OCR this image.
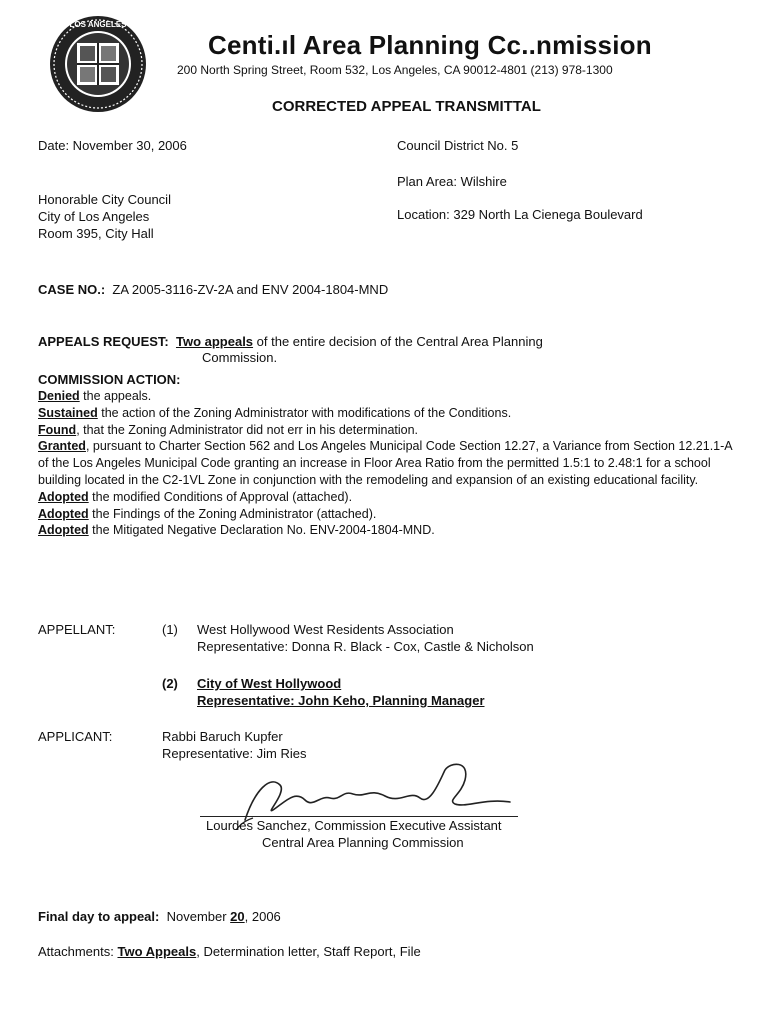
LOS ANGELES
Centi.ıl Area Planning Cc..nmission
200 North Spring Street, Room 532, Los Angeles, CA 90012-4801 (213) 978-1300
CORRECTED APPEAL TRANSMITTAL
Date: November 30, 2006	Council District No. 5
Plan Area: Wilshire
Location: 329 North La Cienega Boulevard
Honorable City Council
City of Los Angeles
Room 395, City Hall
CASE NO.: ZA 2005-3116-ZV-2A and ENV 2004-1804-MND
APPEALS REQUEST: Two appeals of the entire decision of the Central Area Planning
Commission.
COMMISSION ACTION:

Denied the appeals.

Sustained the action of the Zoning Administrator with modifications of the Conditions.

Found, that the Zoning Administrator did not err in his determination.

Granted, pursuant to Charter Section 562 and Los Angeles Municipal Code Section 12.27, a Variance from Section 12.21.1-A of the Los Angeles Municipal Code granting an increase in Floor Area Ratio from the permitted 1.5:1 to 2.48:1 for a school building located in the C2-1VL Zone in conjunction with the remodeling and expansion of an existing educational facility.

Adopted the modified Conditions of Approval (attached).

Adopted the Findings of the Zoning Administrator (attached).

Adopted the Mitigated Negative Declaration No. ENV-2004-1804-MND.

APPELLANT:	(1) West Hollywood West Residents Association
Representative: Donna R. Black - Cox, Castle & Nicholson
(2) City of West Hollywood
Representative: John Keho, Planning Manager
APPLICANT:	Rabbi Baruch Kupfer
Representative: Jim Ries
Lourdes Sanchez, Commission Executive Assistant
Central Area Planning Commission
Final day to appeal: November 20, 2006
Attachments: Two Appeals, Determination letter, Staff Report, File
